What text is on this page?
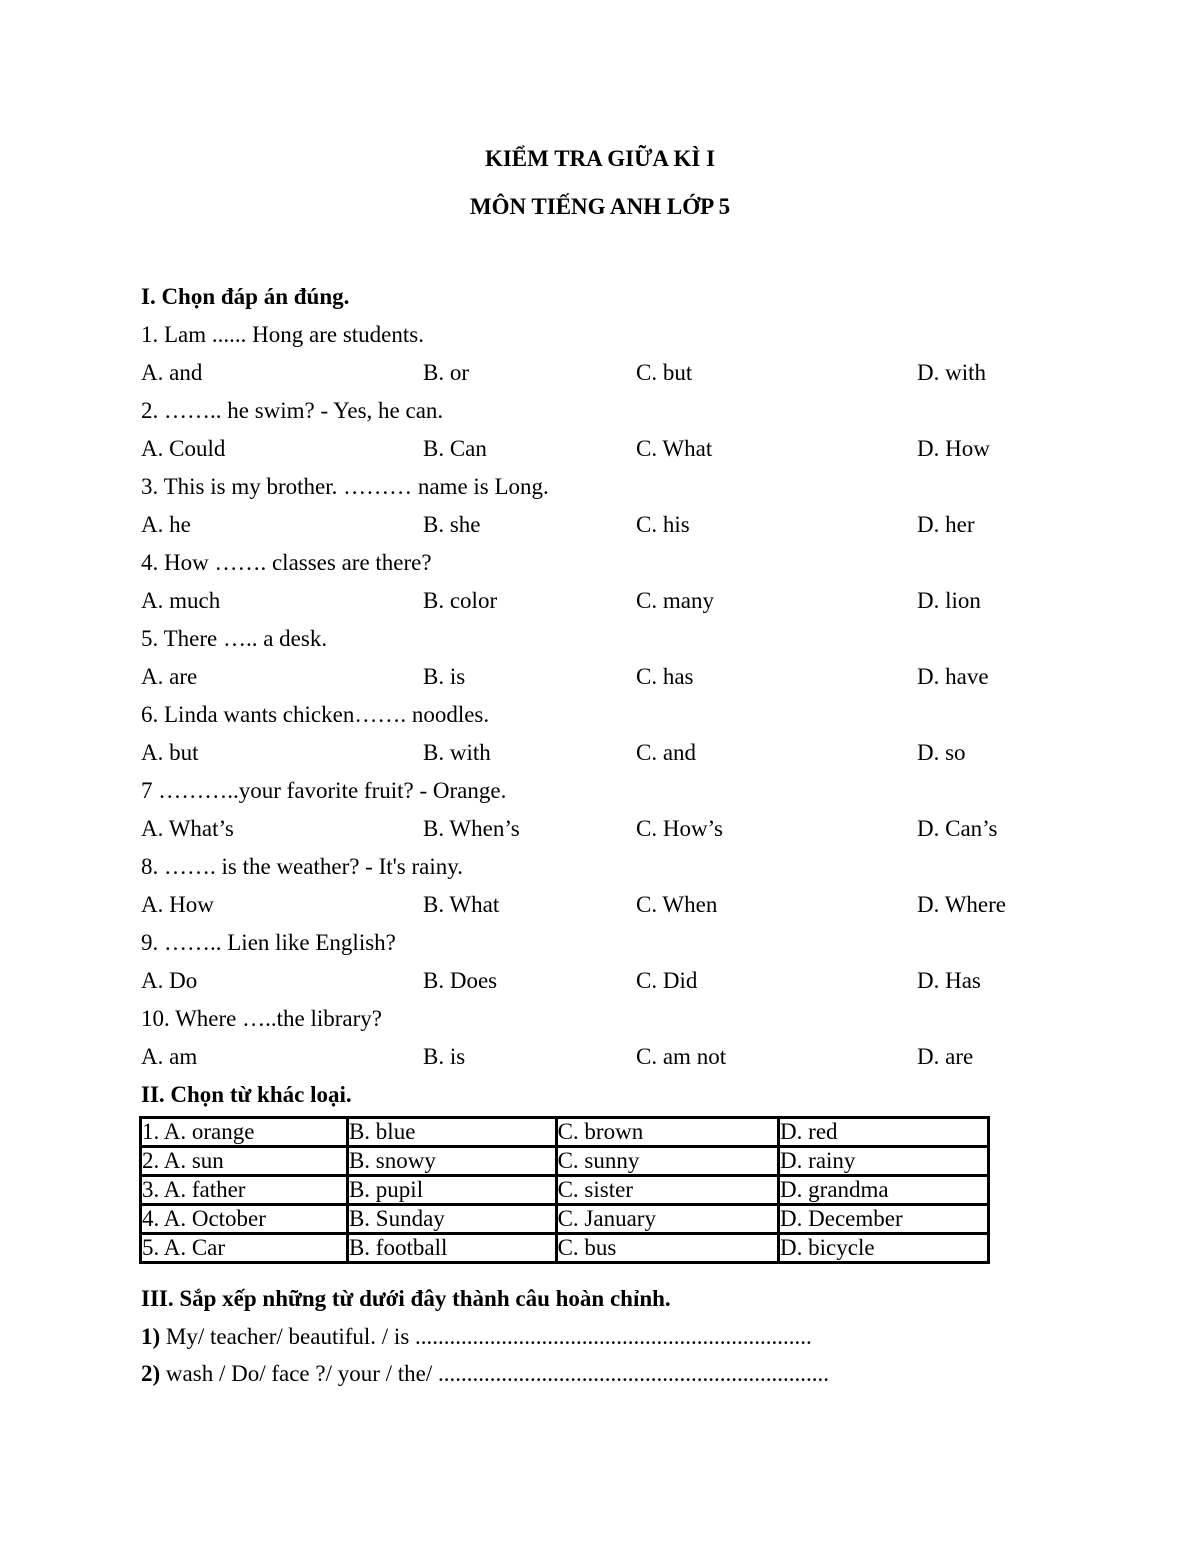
KIỂM TRA GIỮA KÌ I
MÔN TIẾNG ANH LỚP 5
I. Chọn đáp án đúng.
1. Lam ...... Hong are students.
A. and	B. or	C. but	D. with
2. …….. he swim? - Yes, he can.
A. Could	B. Can	C. What	D. How
3. This is my brother. ……… name is Long.
A. he	B. she	C. his	D. her
4. How ……. classes are there?
A. much	B. color	C. many	D. lion
5. There ….. a desk.
A. are	B. is	C. has	D. have
6. Linda wants chicken……. noodles.
A. but	B. with	C. and	D. so
7 ………..your favorite fruit? - Orange.
A. What’s	B. When’s	C. How’s	D. Can’s
8. ……. is the weather? - It's rainy.
A. How	B. What	C. When	D. Where
9. …….. Lien like English?
A. Do	B. Does	C. Did	D. Has
10. Where …..the library?
A. am	B. is	C. am not	D. are
II. Chọn từ khác loại.
1. A. orange	B. blue	C. brown	D. red
2. A. sun	B. snowy	C. sunny	D. rainy
3. A. father	B. pupil	C. sister	D. grandma
4. A. October	B. Sunday	C. January	D. December
5. A. Car	B. football	C. bus	D. bicycle
III. Sắp xếp những từ dưới đây thành câu hoàn chỉnh.
1) My/ teacher/ beautiful. / is .....................................................................
2) wash / Do/ face ?/ your / the/ ....................................................................
